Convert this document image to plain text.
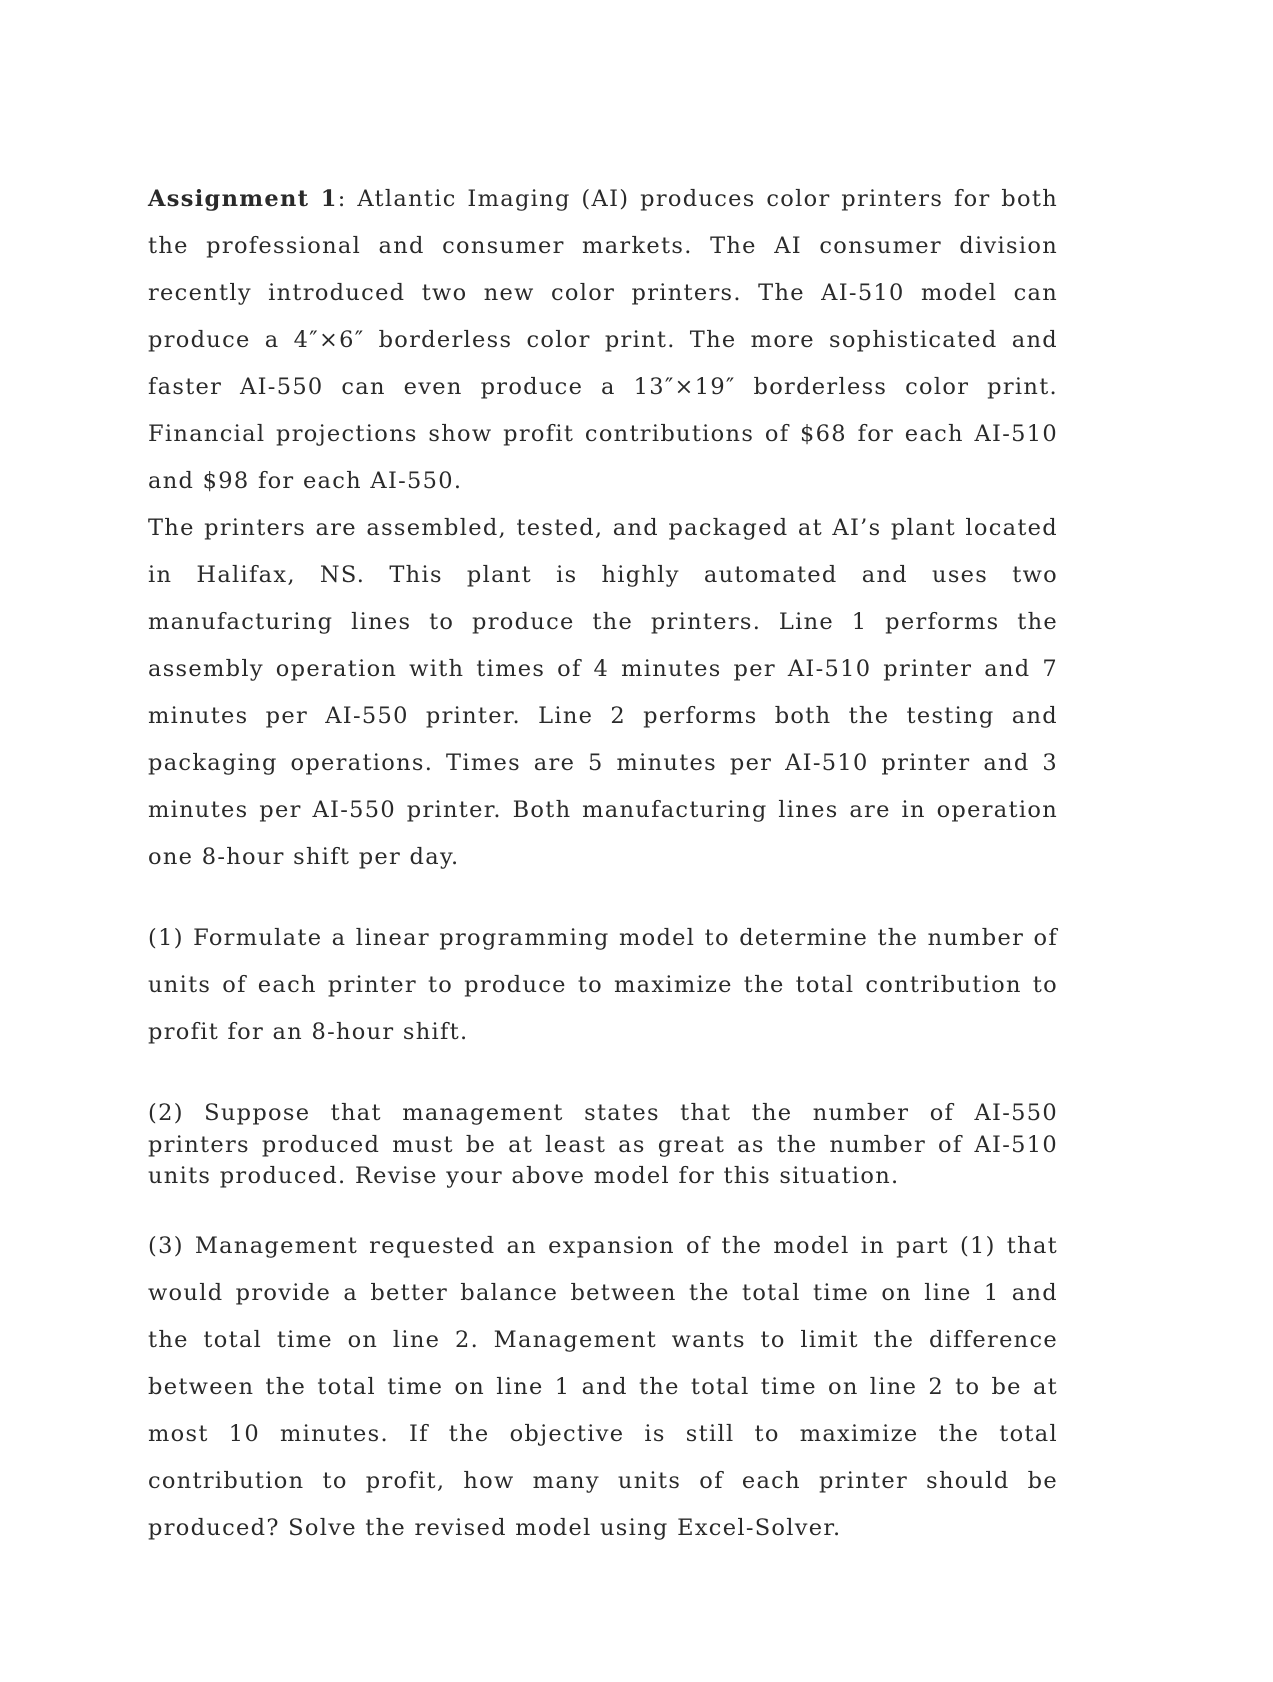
Assignment 1: Atlantic Imaging (AI) produces color printers for both the professional and consumer markets. The AI consumer division recently introduced two new color printers. The AI-510 model can produce a 4″×6″ borderless color print. The more sophisticated and faster AI-550 can even produce a 13″×19″ borderless color print. Financial projections show profit contributions of $68 for each AI-510 and $98 for each AI-550.

The printers are assembled, tested, and packaged at AI’s plant located in Halifax, NS. This plant is highly automated and uses two manufacturing lines to produce the printers. Line 1 performs the assembly operation with times of 4 minutes per AI-510 printer and 7 minutes per AI-550 printer. Line 2 performs both the testing and packaging operations. Times are 5 minutes per AI-510 printer and 3 minutes per AI-550 printer. Both manufacturing lines are in operation one 8-hour shift per day.

(1) Formulate a linear programming model to determine the number of units of each printer to produce to maximize the total contribution to profit for an 8-hour shift.

(2) Suppose that management states that the number of AI-550 printers produced must be at least as great as the number of AI-510 units produced. Revise your above model for this situation.

(3) Management requested an expansion of the model in part (1) that would provide a better balance between the total time on line 1 and the total time on line 2. Management wants to limit the difference between the total time on line 1 and the total time on line 2 to be at most 10 minutes. If the objective is still to maximize the total contribution to profit, how many units of each printer should be produced? Solve the revised model using Excel-Solver.
